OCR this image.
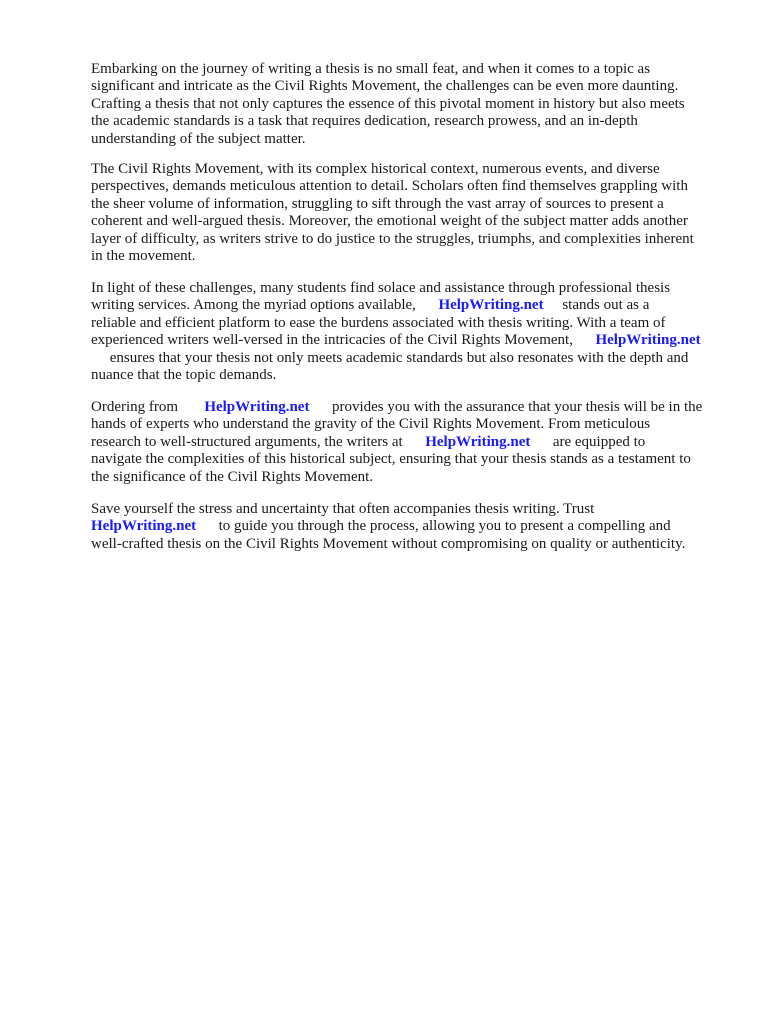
Embarking on the journey of writing a thesis is no small feat, and when it comes to a topic as
significant and intricate as the Civil Rights Movement, the challenges can be even more daunting.
Crafting a thesis that not only captures the essence of this pivotal moment in history but also meets
the academic standards is a task that requires dedication, research prowess, and an in-depth
understanding of the subject matter.

The Civil Rights Movement, with its complex historical context, numerous events, and diverse
perspectives, demands meticulous attention to detail. Scholars often find themselves grappling with
the sheer volume of information, struggling to sift through the vast array of sources to present a
coherent and well-argued thesis. Moreover, the emotional weight of the subject matter adds another
layer of difficulty, as writers strive to do justice to the struggles, triumphs, and complexities inherent
in the movement.

In light of these challenges, many students find solace and assistance through professional thesis
writing services. Among the myriad options available,      HelpWriting.net     stands out as a
reliable and efficient platform to ease the burdens associated with thesis writing. With a team of
experienced writers well-versed in the intricacies of the Civil Rights Movement,      HelpWriting.net
ensures that your thesis not only meets academic standards but also resonates with the depth and
nuance that the topic demands.

Ordering from       HelpWriting.net      provides you with the assurance that your thesis will be in the
hands of experts who understand the gravity of the Civil Rights Movement. From meticulous
research to well-structured arguments, the writers at      HelpWriting.net      are equipped to
navigate the complexities of this historical subject, ensuring that your thesis stands as a testament to
the significance of the Civil Rights Movement.

Save yourself the stress and uncertainty that often accompanies thesis writing. Trust
HelpWriting.net      to guide you through the process, allowing you to present a compelling and
well-crafted thesis on the Civil Rights Movement without compromising on quality or authenticity.
